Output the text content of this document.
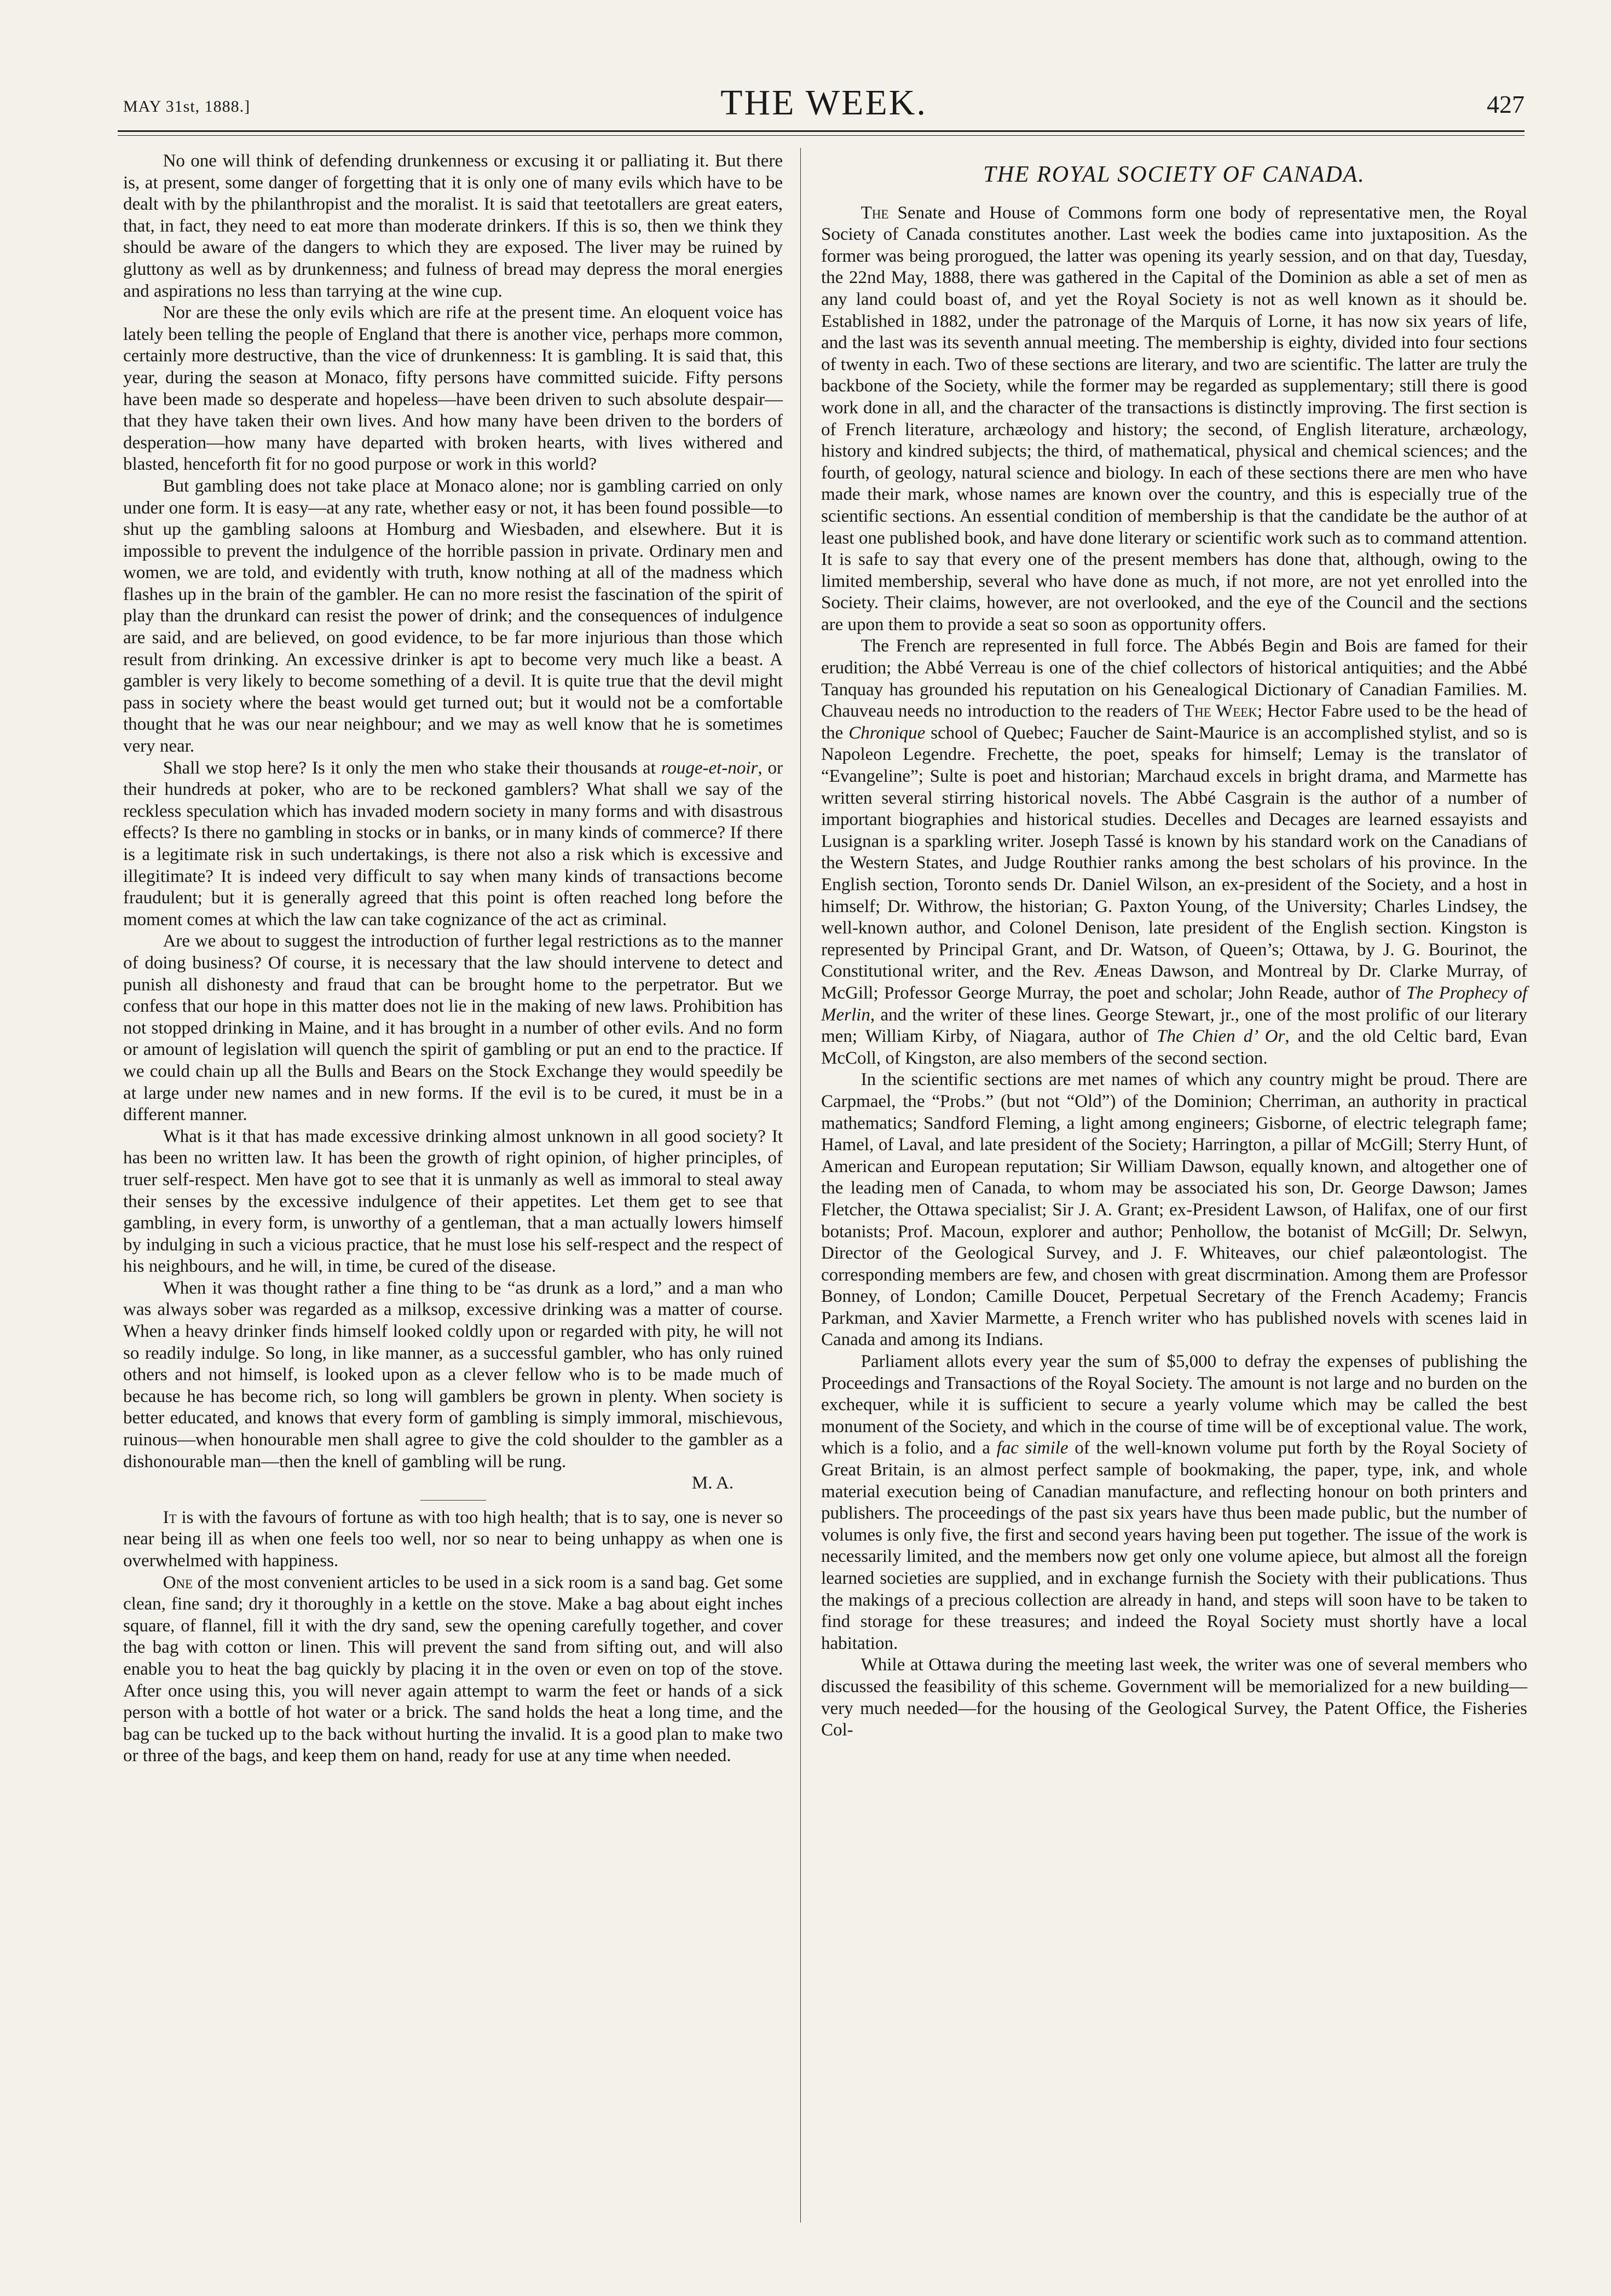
MAY 31st, 1888.]	THE WEEK.	427

No one will think of defending drunkenness or excusing it or palliating it. But there is, at present, some danger of forgetting that it is only one of many evils which have to be dealt with by the philanthropist and the moralist. It is said that teetotallers are great eaters, that, in fact, they need to eat more than moderate drinkers. If this is so, then we think they should be aware of the dangers to which they are exposed. The liver may be ruined by gluttony as well as by drunkenness; and fulness of bread may depress the moral energies and aspirations no less than tarrying at the wine cup.

Nor are these the only evils which are rife at the present time. An eloquent voice has lately been telling the people of England that there is another vice, perhaps more common, certainly more destructive, than the vice of drunkenness: It is gambling. It is said that, this year, during the season at Monaco, fifty persons have committed suicide. Fifty persons have been made so desperate and hopeless—have been driven to such absolute despair—that they have taken their own lives. And how many have been driven to the borders of desperation—how many have departed with broken hearts, with lives withered and blasted, henceforth fit for no good purpose or work in this world?

But gambling does not take place at Monaco alone; nor is gambling carried on only under one form. It is easy—at any rate, whether easy or not, it has been found possible—to shut up the gambling saloons at Homburg and Wiesbaden, and elsewhere. But it is impossible to prevent the indulgence of the horrible passion in private. Ordinary men and women, we are told, and evidently with truth, know nothing at all of the madness which flashes up in the brain of the gambler. He can no more resist the fascination of the spirit of play than the drunkard can resist the power of drink; and the consequences of indulgence are said, and are believed, on good evidence, to be far more injurious than those which result from drinking. An excessive drinker is apt to become very much like a beast. A gambler is very likely to become something of a devil. It is quite true that the devil might pass in society where the beast would get turned out; but it would not be a comfortable thought that he was our near neighbour; and we may as well know that he is sometimes very near.

Shall we stop here? Is it only the men who stake their thousands at rouge-et-noir, or their hundreds at poker, who are to be reckoned gamblers? What shall we say of the reckless speculation which has invaded modern society in many forms and with disastrous effects? Is there no gambling in stocks or in banks, or in many kinds of commerce? If there is a legitimate risk in such undertakings, is there not also a risk which is excessive and illegitimate? It is indeed very difficult to say when many kinds of transactions become fraudulent; but it is generally agreed that this point is often reached long before the moment comes at which the law can take cognizance of the act as criminal.

Are we about to suggest the introduction of further legal restrictions as to the manner of doing business? Of course, it is necessary that the law should intervene to detect and punish all dishonesty and fraud that can be brought home to the perpetrator. But we confess that our hope in this matter does not lie in the making of new laws. Prohibition has not stopped drinking in Maine, and it has brought in a number of other evils. And no form or amount of legislation will quench the spirit of gambling or put an end to the practice. If we could chain up all the Bulls and Bears on the Stock Exchange they would speedily be at large under new names and in new forms. If the evil is to be cured, it must be in a different manner.

What is it that has made excessive drinking almost unknown in all good society? It has been no written law. It has been the growth of right opinion, of higher principles, of truer self-respect. Men have got to see that it is unmanly as well as immoral to steal away their senses by the excessive indulgence of their appetites. Let them get to see that gambling, in every form, is unworthy of a gentleman, that a man actually lowers himself by indulging in such a vicious practice, that he must lose his self-respect and the respect of his neighbours, and he will, in time, be cured of the disease.

When it was thought rather a fine thing to be “as drunk as a lord,” and a man who was always sober was regarded as a milksop, excessive drinking was a matter of course. When a heavy drinker finds himself looked coldly upon or regarded with pity, he will not so readily indulge. So long, in like manner, as a successful gambler, who has only ruined others and not himself, is looked upon as a clever fellow who is to be made much of because he has become rich, so long will gamblers be grown in plenty. When society is better educated, and knows that every form of gambling is simply immoral, mischievous, ruinous—when honourable men shall agree to give the cold shoulder to the gambler as a dishonourable man—then the knell of gambling will be rung.

M. A.

It is with the favours of fortune as with too high health; that is to say, one is never so near being ill as when one feels too well, nor so near to being unhappy as when one is overwhelmed with happiness.

One of the most convenient articles to be used in a sick room is a sand bag. Get some clean, fine sand; dry it thoroughly in a kettle on the stove. Make a bag about eight inches square, of flannel, fill it with the dry sand, sew the opening carefully together, and cover the bag with cotton or linen. This will prevent the sand from sifting out, and will also enable you to heat the bag quickly by placing it in the oven or even on top of the stove. After once using this, you will never again attempt to warm the feet or hands of a sick person with a bottle of hot water or a brick. The sand holds the heat a long time, and the bag can be tucked up to the back without hurting the invalid. It is a good plan to make two or three of the bags, and keep them on hand, ready for use at any time when needed.

THE ROYAL SOCIETY OF CANADA.

The Senate and House of Commons form one body of representative men, the Royal Society of Canada constitutes another. Last week the bodies came into juxtaposition. As the former was being prorogued, the latter was opening its yearly session, and on that day, Tuesday, the 22nd May, 1888, there was gathered in the Capital of the Dominion as able a set of men as any land could boast of, and yet the Royal Society is not as well known as it should be. Established in 1882, under the patronage of the Marquis of Lorne, it has now six years of life, and the last was its seventh annual meeting. The membership is eighty, divided into four sections of twenty in each. Two of these sections are literary, and two are scientific. The latter are truly the backbone of the Society, while the former may be regarded as supplementary; still there is good work done in all, and the character of the transactions is distinctly improving. The first section is of French literature, archæology and history; the second, of English literature, archæology, history and kindred subjects; the third, of mathematical, physical and chemical sciences; and the fourth, of geology, natural science and biology. In each of these sections there are men who have made their mark, whose names are known over the country, and this is especially true of the scientific sections. An essential condition of membership is that the candidate be the author of at least one published book, and have done literary or scientific work such as to command attention. It is safe to say that every one of the present members has done that, although, owing to the limited membership, several who have done as much, if not more, are not yet enrolled into the Society. Their claims, however, are not overlooked, and the eye of the Council and the sections are upon them to provide a seat so soon as opportunity offers.

The French are represented in full force. The Abbés Begin and Bois are famed for their erudition; the Abbé Verreau is one of the chief collectors of historical antiquities; and the Abbé Tanquay has grounded his reputation on his Genealogical Dictionary of Canadian Families. M. Chauveau needs no introduction to the readers of The Week; Hector Fabre used to be the head of the Chronique school of Quebec; Faucher de Saint-Maurice is an accomplished stylist, and so is Napoleon Legendre. Frechette, the poet, speaks for himself; Lemay is the translator of “Evangeline”; Sulte is poet and historian; Marchaud excels in bright drama, and Marmette has written several stirring historical novels. The Abbé Casgrain is the author of a number of important biographies and historical studies. Decelles and Decages are learned essayists and Lusignan is a sparkling writer. Joseph Tassé is known by his standard work on the Canadians of the Western States, and Judge Routhier ranks among the best scholars of his province. In the English section, Toronto sends Dr. Daniel Wilson, an ex-president of the Society, and a host in himself; Dr. Withrow, the historian; G. Paxton Young, of the University; Charles Lindsey, the well-known author, and Colonel Denison, late president of the English section. Kingston is represented by Principal Grant, and Dr. Watson, of Queen’s; Ottawa, by J. G. Bourinot, the Constitutional writer, and the Rev. Æneas Dawson, and Montreal by Dr. Clarke Murray, of McGill; Professor George Murray, the poet and scholar; John Reade, author of The Prophecy of Merlin, and the writer of these lines. George Stewart, jr., one of the most prolific of our literary men; William Kirby, of Niagara, author of The Chien d’ Or, and the old Celtic bard, Evan McColl, of Kingston, are also members of the second section.

In the scientific sections are met names of which any country might be proud. There are Carpmael, the “Probs.” (but not “Old”) of the Dominion; Cherriman, an authority in practical mathematics; Sandford Fleming, a light among engineers; Gisborne, of electric telegraph fame; Hamel, of Laval, and late president of the Society; Harrington, a pillar of McGill; Sterry Hunt, of American and European reputation; Sir William Dawson, equally known, and altogether one of the leading men of Canada, to whom may be associated his son, Dr. George Dawson; James Fletcher, the Ottawa specialist; Sir J. A. Grant; ex-President Lawson, of Halifax, one of our first botanists; Prof. Macoun, explorer and author; Penhollow, the botanist of McGill; Dr. Selwyn, Director of the Geological Survey, and J. F. Whiteaves, our chief palæontologist. The corresponding members are few, and chosen with great discrmination. Among them are Professor Bonney, of London; Camille Doucet, Perpetual Secretary of the French Academy; Francis Parkman, and Xavier Marmette, a French writer who has published novels with scenes laid in Canada and among its Indians.

Parliament allots every year the sum of $5,000 to defray the expenses of publishing the Proceedings and Transactions of the Royal Society. The amount is not large and no burden on the exchequer, while it is sufficient to secure a yearly volume which may be called the best monument of the Society, and which in the course of time will be of exceptional value. The work, which is a folio, and a fac simile of the well-known volume put forth by the Royal Society of Great Britain, is an almost perfect sample of bookmaking, the paper, type, ink, and whole material execution being of Canadian manufacture, and reflecting honour on both printers and publishers. The proceedings of the past six years have thus been made public, but the number of volumes is only five, the first and second years having been put together. The issue of the work is necessarily limited, and the members now get only one volume apiece, but almost all the foreign learned societies are supplied, and in exchange furnish the Society with their publications. Thus the makings of a precious collection are already in hand, and steps will soon have to be taken to find storage for these treasures; and indeed the Royal Society must shortly have a local habitation.

While at Ottawa during the meeting last week, the writer was one of several members who discussed the feasibility of this scheme. Government will be memorialized for a new building—very much needed—for the housing of the Geological Survey, the Patent Office, the Fisheries Col-
